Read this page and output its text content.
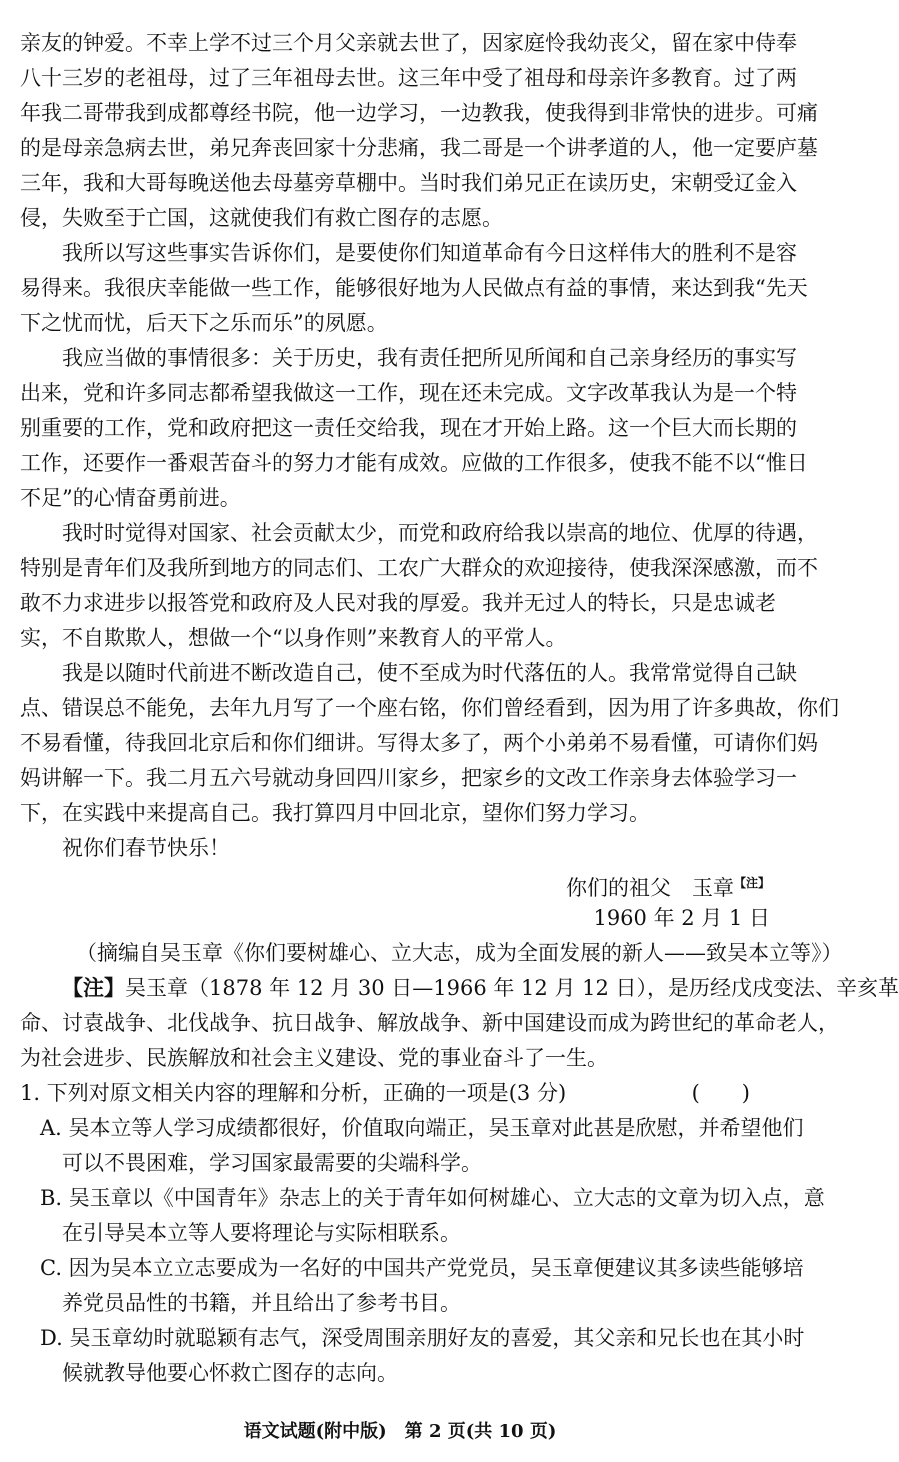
亲友的钟爱。不幸上学不过三个月父亲就去世了，因家庭怜我幼丧父，留在家中侍奉
八十三岁的老祖母，过了三年祖母去世。这三年中受了祖母和母亲许多教育。过了两
年我二哥带我到成都尊经书院，他一边学习，一边教我，使我得到非常快的进步。可痛
的是母亲急病去世，弟兄奔丧回家十分悲痛，我二哥是一个讲孝道的人，他一定要庐墓
三年，我和大哥每晚送他去母墓旁草棚中。当时我们弟兄正在读历史，宋朝受辽金入
侵，失败至于亡国，这就使我们有救亡图存的志愿。
我所以写这些事实告诉你们，是要使你们知道革命有今日这样伟大的胜利不是容
易得来。我很庆幸能做一些工作，能够很好地为人民做点有益的事情，来达到我“先天
下之忧而忧，后天下之乐而乐”的夙愿。
我应当做的事情很多：关于历史，我有责任把所见所闻和自己亲身经历的事实写
出来，党和许多同志都希望我做这一工作，现在还未完成。文字改革我认为是一个特
别重要的工作，党和政府把这一责任交给我，现在才开始上路。这一个巨大而长期的
工作，还要作一番艰苦奋斗的努力才能有成效。应做的工作很多，使我不能不以“惟日
不足”的心情奋勇前进。
我时时觉得对国家、社会贡献太少，而党和政府给我以崇高的地位、优厚的待遇，
特别是青年们及我所到地方的同志们、工农广大群众的欢迎接待，使我深深感激，而不
敢不力求进步以报答党和政府及人民对我的厚爱。我并无过人的特长，只是忠诚老
实，不自欺欺人，想做一个“以身作则”来教育人的平常人。
我是以随时代前进不断改造自己，使不至成为时代落伍的人。我常常觉得自己缺
点、错误总不能免，去年九月写了一个座右铭，你们曾经看到，因为用了许多典故，你们
不易看懂，待我回北京后和你们细讲。写得太多了，两个小弟弟不易看懂，可请你们妈
妈讲解一下。我二月五六号就动身回四川家乡，把家乡的文改工作亲身去体验学习一
下，在实践中来提高自己。我打算四月中回北京，望你们努力学习。
祝你们春节快乐！
你们的祖父　玉章$^{【注】}$
1960 年 2 月 1 日
（摘编自吴玉章《你们要树雄心、立大志，成为全面发展的新人——致吴本立等》）
【注】吴玉章（1878 年 12 月 30 日—1966 年 12 月 12 日），是历经戊戌变法、辛亥革
命、讨袁战争、北伐战争、抗日战争、解放战争、新中国建设而成为跨世纪的革命老人，
为社会进步、民族解放和社会主义建设、党的事业奋斗了一生。
1. 下列对原文相关内容的理解和分析，正确的一项是(3 分)	(　　)
A. 吴本立等人学习成绩都很好，价值取向端正，吴玉章对此甚是欣慰，并希望他们
可以不畏困难，学习国家最需要的尖端科学。
B. 吴玉章以《中国青年》杂志上的关于青年如何树雄心、立大志的文章为切入点，意
在引导吴本立等人要将理论与实际相联系。
C. 因为吴本立立志要成为一名好的中国共产党党员，吴玉章便建议其多读些能够培
养党员品性的书籍，并且给出了参考书目。
D. 吴玉章幼时就聪颖有志气，深受周围亲朋好友的喜爱，其父亲和兄长也在其小时
候就教导他要心怀救亡图存的志向。
语文试题(附中版)　第 2 页(共 10 页)
